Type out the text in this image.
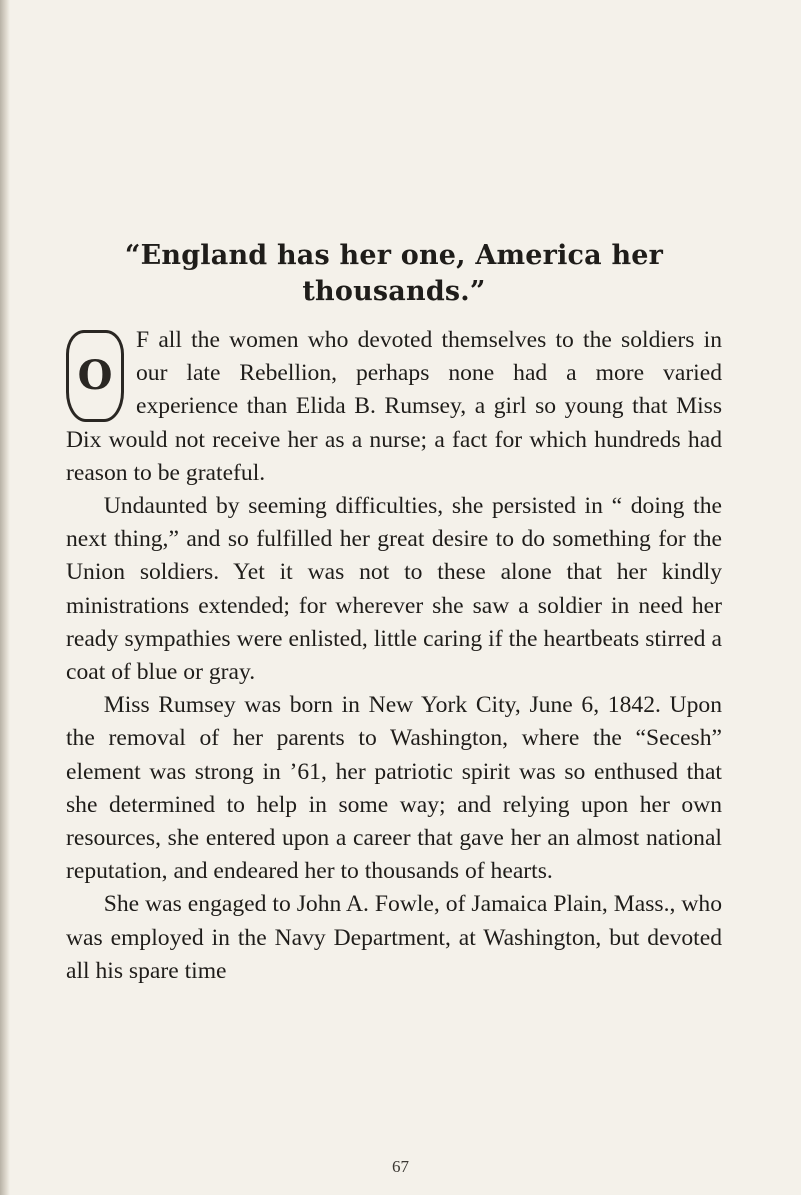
“England has her one, America her thousands.”

O
F all the women who devoted themselves to the soldiers in our late Rebellion, perhaps none had a more varied experience than Elida B. Rumsey, a girl so young that Miss Dix would not receive her as a nurse; a fact for which hundreds had reason to be grateful.

Undaunted by seeming difficulties, she persisted in “ doing the next thing,” and so fulfilled her great desire to do something for the Union soldiers. Yet it was not to these alone that her kindly ministrations extended; for wherever she saw a soldier in need her ready sympathies were enlisted, little caring if the heartbeats stirred a coat of blue or gray.

Miss Rumsey was born in New York City, June 6, 1842. Upon the removal of her parents to Washington, where the “Secesh” element was strong in ’61, her patriotic spirit was so enthused that she determined to help in some way; and relying upon her own resources, she entered upon a career that gave her an almost national reputation, and endeared her to thousands of hearts.

She was engaged to John A. Fowle, of Jamaica Plain, Mass., who was employed in the Navy Department, at Washington, but devoted all his spare time

67
